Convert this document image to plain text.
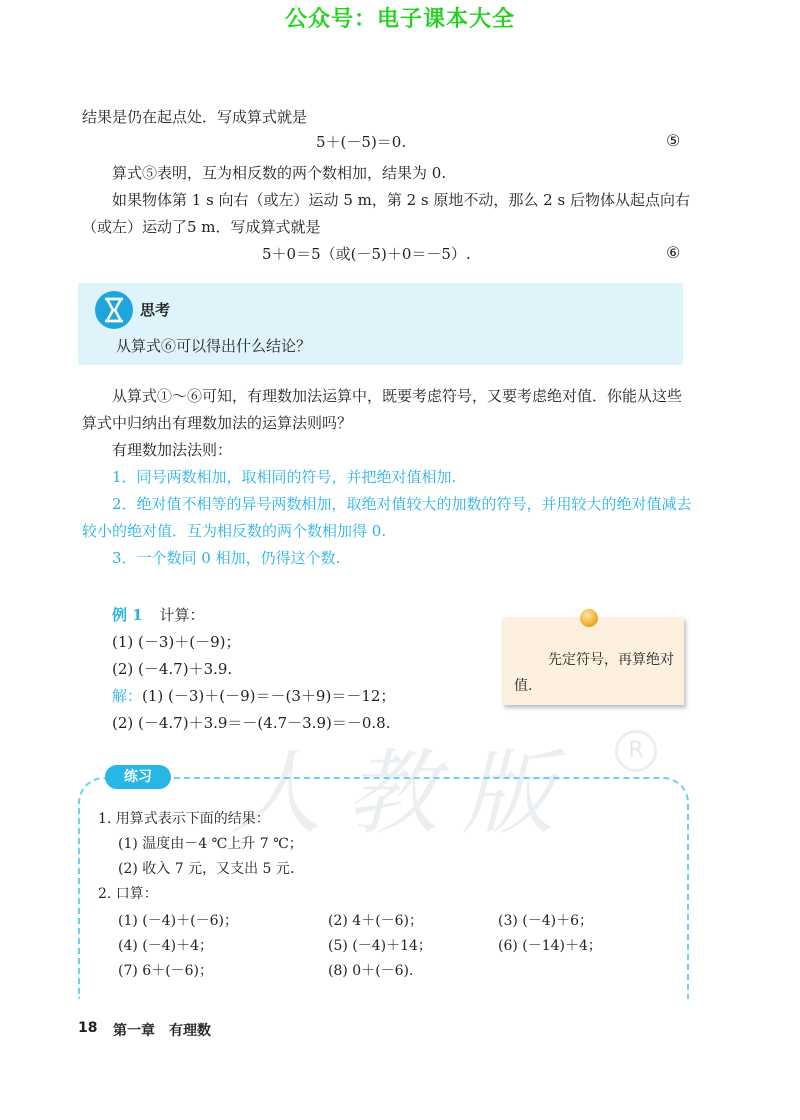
公众号：电子课本大全
结果是仍在起点处．写成算式就是
5＋(－5)＝0.	⑤
算式⑤表明，互为相反数的两个数相加，结果为 0.
如果物体第 1 s 向右（或左）运动 5 m，第 2 s 原地不动，那么 2 s 后物体从起点向右（或左）运动了5 m．写成算式就是
5＋0＝5（或(－5)＋0＝－5）.	⑥
思考
从算式⑥可以得出什么结论？
从算式①～⑥可知，有理数加法运算中，既要考虑符号，又要考虑绝对值．你能从这些算式中归纳出有理数加法的运算法则吗？
有理数加法法则：
1．同号两数相加，取相同的符号，并把绝对值相加.
2．绝对值不相等的异号两数相加，取绝对值较大的加数的符号，并用较大的绝对值减去较小的绝对值．互为相反数的两个数相加得 0.
3．一个数同 0 相加，仍得这个数.
例 1 计算：
(1) (－3)＋(－9)；
(2) (－4.7)＋3.9.
解：(1) (－3)＋(－9)＝－(3＋9)＝－12；
(2) (－4.7)＋3.9＝－(4.7－3.9)＝－0.8.
先定符号，再算绝对值.
人教版	R
练习
1. 用算式表示下面的结果：
(1) 温度由－4 ℃上升 7 ℃；
(2) 收入 7 元，又支出 5 元.
2. 口算：
(1) (－4)＋(－6)；	(2) 4＋(－6)；	(3) (－4)＋6；
(4) (－4)＋4；	(5) (－4)＋14；	(6) (－14)＋4；
(7) 6＋(－6)；	(8) 0＋(－6).
18 第一章　有理数
